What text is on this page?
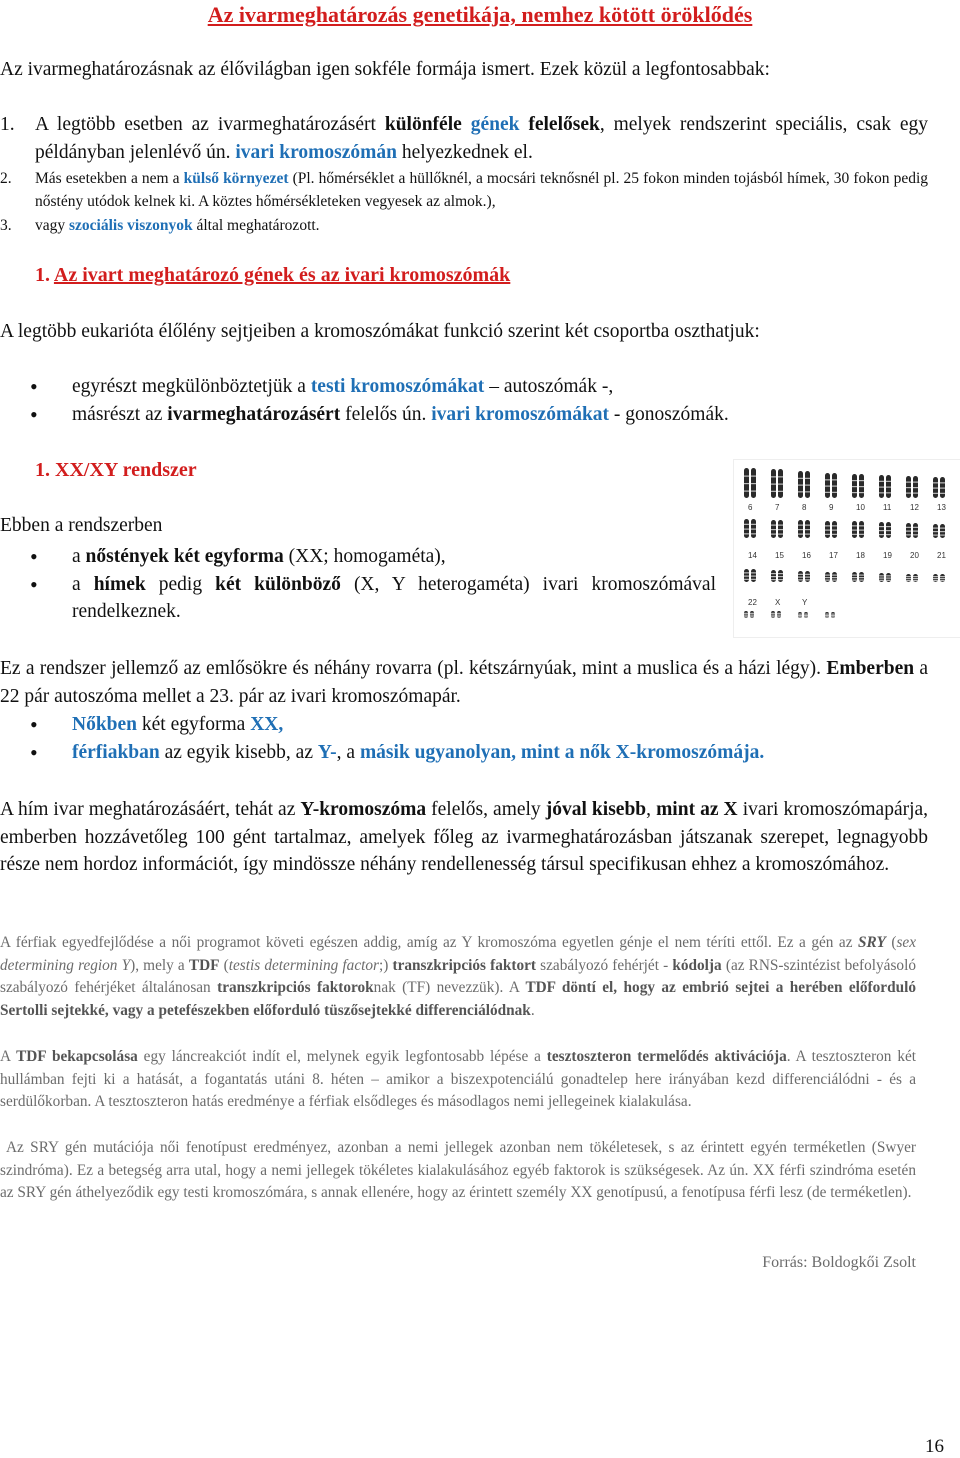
Az ivarmeghatározás genetikája, nemhez kötött öröklődés
Az ivarmeghatározásnak az élővilágban igen sokféle formája ismert. Ezek közül a legfontosabbak:
1. A legtöbb esetben az ivarmeghatározásért különféle gének felelősek, melyek rendszerint speciális, csak egy példányban jelenlévő ún. ivari kromoszómán helyezkednek el.
2. Más esetekben a nem a külső környezet (Pl. hőmérséklet a hüllőknél, a mocsári teknősnél pl. 25 fokon minden tojásból hímek, 30 fokon pedig nőstény utódok kelnek ki. A köztes hőmérsékleteken vegyesek az almok.),
3. vagy szociális viszonyok által meghatározott.
1. Az ivart meghatározó gének és az ivari kromoszómák
A legtöbb eukarióta élőlény sejtjeiben a kromoszómákat funkció szerint két csoportba oszthatjuk:
• egyrészt megkülönböztetjük a testi kromoszómákat – autoszómák -,
• másrészt az ivarmeghatározásért felelős ún. ivari kromoszómákat - gonoszómák.
1. XX/XY rendszer
Ebben a rendszerben
• a nőstények két egyforma (XX; homogaméta),
• a hímek pedig két különböző (X, Y heterogaméta) ivari kromoszómával rendelkeznek.
6	7	8	9	10 11 12 13
14 15 16 17 18 19 20 21
22 X	Y
Ez a rendszer jellemző az emlősökre és néhány rovarra (pl. kétszárnyúak, mint a muslica és a házi légy). Emberben a 22 pár autoszóma mellet a 23. pár az ivari kromoszómapár.
• Nőkben két egyforma XX,
• férfiakban az egyik kisebb, az Y-, a másik ugyanolyan, mint a nők X-kromoszómája.
A hím ivar meghatározásáért, tehát az Y-kromoszóma felelős, amely jóval kisebb, mint az X ivari kromoszómapárja, emberben hozzávetőleg 100 gént tartalmaz, amelyek főleg az ivarmeghatározásban játszanak szerepet, legnagyobb része nem hordoz információt, így mindössze néhány rendellenesség társul specifikusan ehhez a kromoszómához.
A férfiak egyedfejlődése a női programot követi egészen addig, amíg az Y kromoszóma egyetlen génje el nem téríti ettől. Ez a gén az SRY (sex determining region Y), mely a TDF (testis determining factor;) transzkripciós faktort szabályozó fehérjét - kódolja (az RNS-szintézist befolyásoló szabályozó fehérjéket általánosan transzkripciós faktoroknak (TF) nevezzük). A TDF döntí el, hogy az embrió sejtei a herében előforduló Sertolli sejtekké, vagy a petefészekben előforduló tüszősejtekké differenciálódnak.
A TDF bekapcsolása egy láncreakciót indít el, melynek egyik legfontosabb lépése a tesztoszteron termelődés aktivációja. A tesztoszteron két hullámban fejti ki a hatását, a fogantatás utáni 8. héten – amikor a biszexpotenciálú gonadtelep here irányában kezd differenciálódni - és a serdülőkorban. A tesztoszteron hatás eredménye a férfiak elsődleges és másodlagos nemi jellegeinek kialakulása.
Az SRY gén mutációja női fenotípust eredményez, azonban a nemi jellegek azonban nem tökéletesek, s az érintett egyén terméketlen (Swyer szindróma). Ez a betegség arra utal, hogy a nemi jellegek tökéletes kialakulásához egyéb faktorok is szükségesek. Az ún. XX férfi szindróma esetén az SRY gén áthelyeződik egy testi kromoszómára, s annak ellenére, hogy az érintett személy XX genotípusú, a fenotípusa férfi lesz (de terméketlen).
Forrás: Boldogkői Zsolt
16
